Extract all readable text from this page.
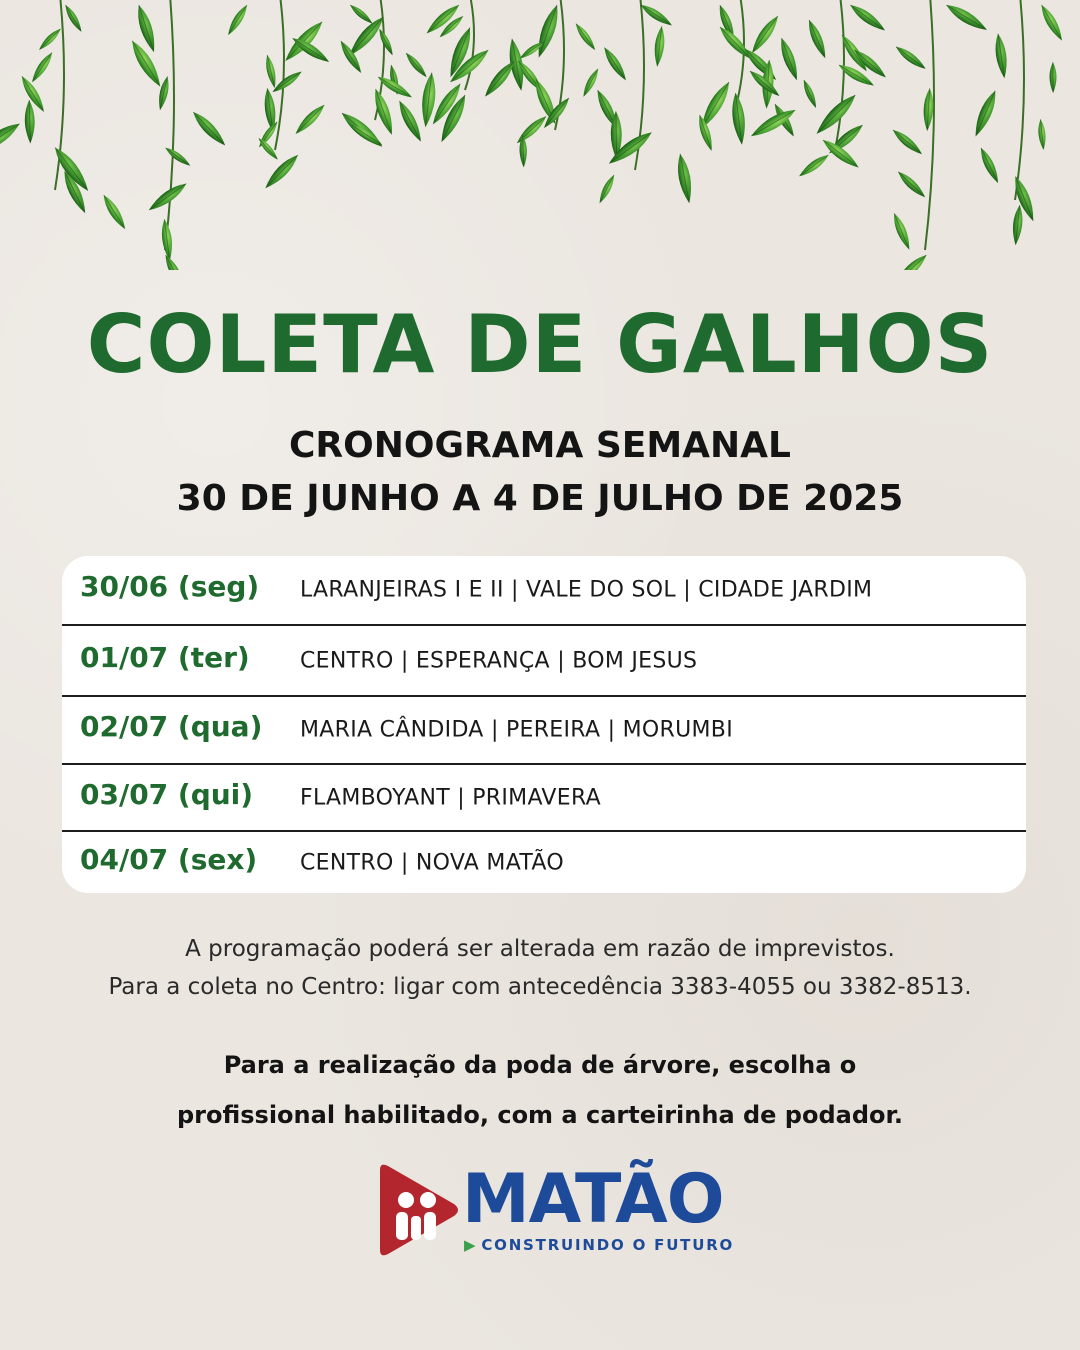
COLETA DE GALHOS
CRONOGRAMA SEMANAL
30 DE JUNHO A 4 DE JULHO DE 2025
30/06 (seg) LARANJEIRAS I E II | VALE DO SOL | CIDADE JARDIM
01/07 (ter) CENTRO | ESPERANÇA | BOM JESUS
02/07 (qua) MARIA CÂNDIDA | PEREIRA | MORUMBI
03/07 (qui) FLAMBOYANT | PRIMAVERA
04/07 (sex) CENTRO | NOVA MATÃO

A programação poderá ser alterada em razão de imprevistos.

Para a coleta no Centro: ligar com antecedência 3383-4055 ou 3382-8513.

Para a realização da poda de árvore, escolha o

profissional habilitado, com a carteirinha de podador.

MATÃO
▶ CONSTRUINDO O FUTURO
